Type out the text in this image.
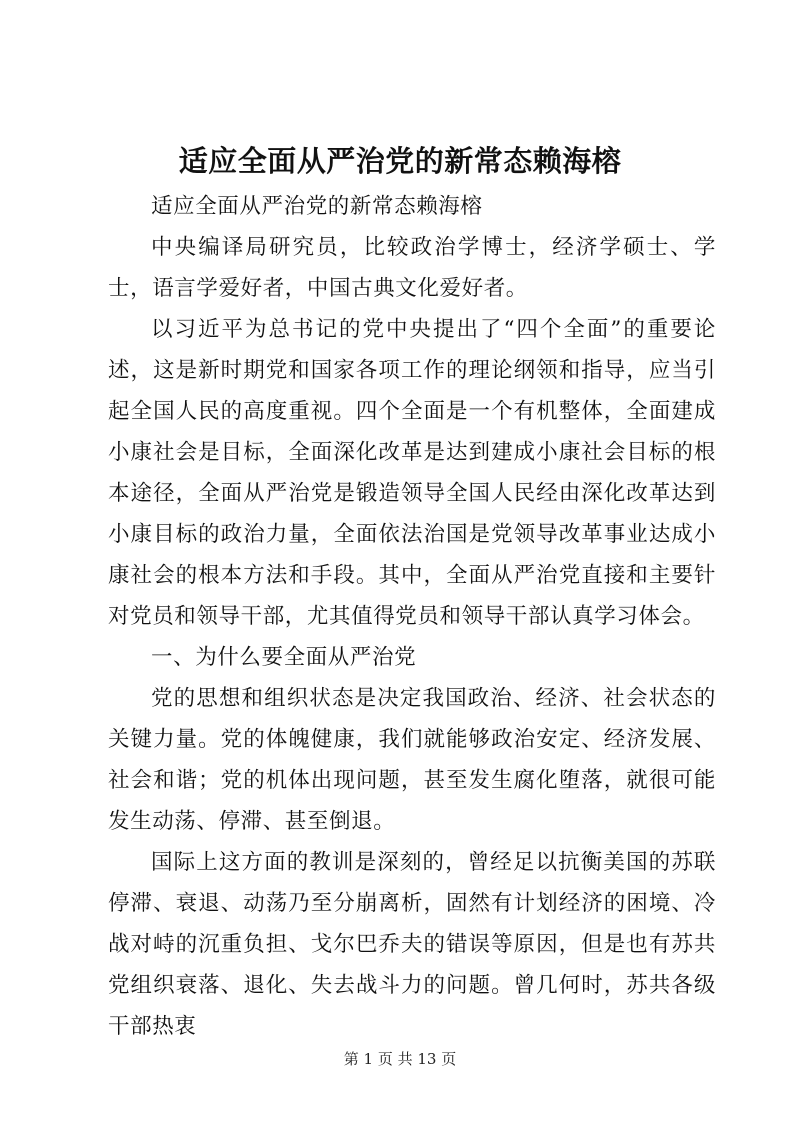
适应全面从严治党的新常态赖海榕

适应全面从严治党的新常态赖海榕

中央编译局研究员，比较政治学博士，经济学硕士、学士，语言学爱好者，中国古典文化爱好者。

以习近平为总书记的党中央提出了“四个全面”的重要论述，这是新时期党和国家各项工作的理论纲领和指导，应当引起全国人民的高度重视。四个全面是一个有机整体，全面建成小康社会是目标，全面深化改革是达到建成小康社会目标的根本途径，全面从严治党是锻造领导全国人民经由深化改革达到小康目标的政治力量，全面依法治国是党领导改革事业达成小康社会的根本方法和手段。其中，全面从严治党直接和主要针对党员和领导干部，尤其值得党员和领导干部认真学习体会。

一、为什么要全面从严治党

党的思想和组织状态是决定我国政治、经济、社会状态的关键力量。党的体魄健康，我们就能够政治安定、经济发展、社会和谐；党的机体出现问题，甚至发生腐化堕落，就很可能发生动荡、停滞、甚至倒退。

国际上这方面的教训是深刻的，曾经足以抗衡美国的苏联停滞、衰退、动荡乃至分崩离析，固然有计划经济的困境、冷战对峙的沉重负担、戈尔巴乔夫的错误等原因，但是也有苏共党组织衰落、退化、失去战斗力的问题。曾几何时，苏共各级干部热衷

第 1 页 共 13 页
